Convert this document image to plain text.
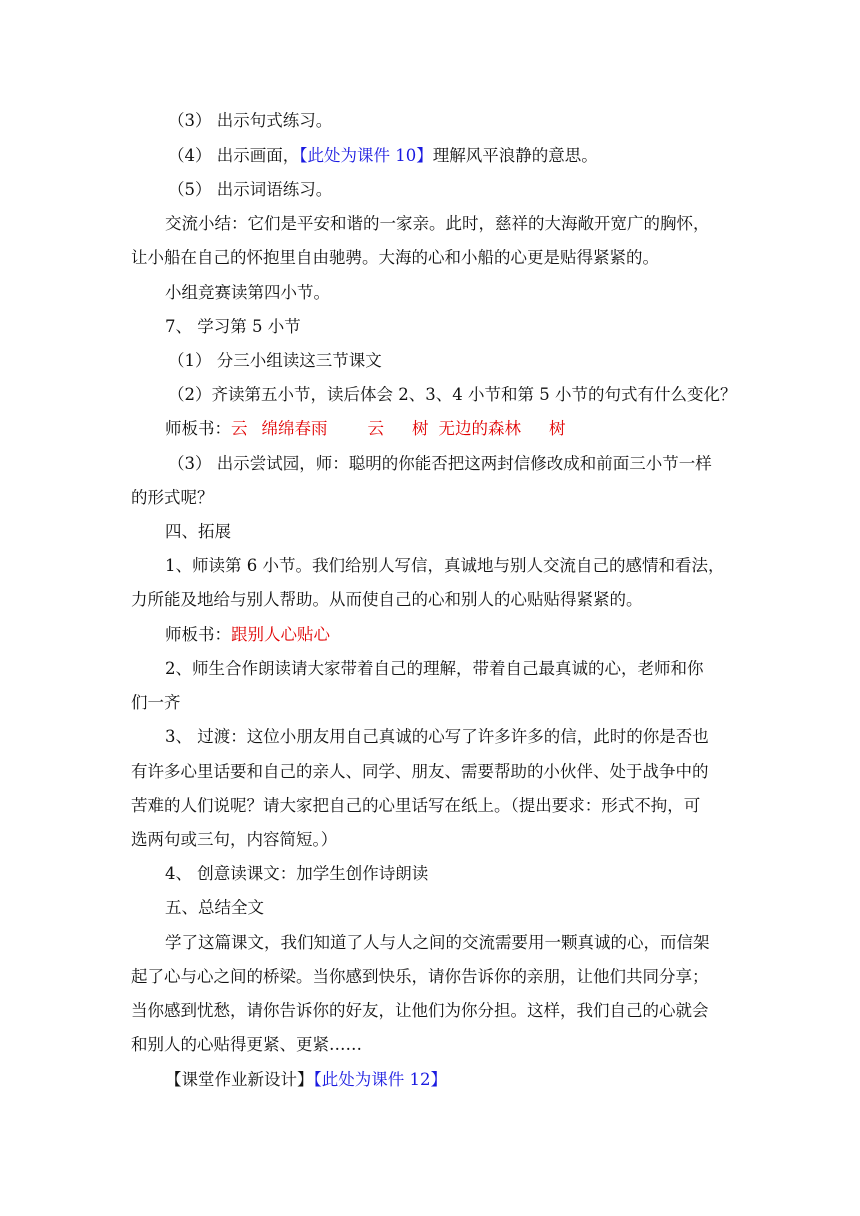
（3） 出示句式练习。
（4） 出示画面，【此处为课件 10】理解风平浪静的意思。
（5） 出示词语练习。
交流小结：它们是平安和谐的一家亲。此时，慈祥的大海敞开宽广的胸怀，
让小船在自己的怀抱里自由驰骋。大海的心和小船的心更是贴得紧紧的。
小组竞赛读第四小节。
7、 学习第 5 小节
（1） 分三小组读这三节课文
（2）齐读第五小节，读后体会 2、3、4 小节和第 5 小节的句式有什么变化？
师板书：云 绵绵春雨 云 树 无边的森林 树
（3） 出示尝试园，师：聪明的你能否把这两封信修改成和前面三小节一样
的形式呢？
四、拓展
1、师读第 6 小节。我们给别人写信，真诚地与别人交流自己的感情和看法，
力所能及地给与别人帮助。从而使自己的心和别人的心贴贴得紧紧的。
师板书：跟别人心贴心
2、师生合作朗读请大家带着自己的理解，带着自己最真诚的心，老师和你
们一齐
3、 过渡：这位小朋友用自己真诚的心写了许多许多的信，此时的你是否也
有许多心里话要和自己的亲人、同学、朋友、需要帮助的小伙伴、处于战争中的
苦难的人们说呢？请大家把自己的心里话写在纸上。（提出要求：形式不拘，可
选两句或三句，内容简短。）
4、 创意读课文：加学生创作诗朗读
五、总结全文
学了这篇课文，我们知道了人与人之间的交流需要用一颗真诚的心，而信架
起了心与心之间的桥梁。当你感到快乐，请你告诉你的亲朋，让他们共同分享；
当你感到忧愁，请你告诉你的好友，让他们为你分担。这样，我们自己的心就会
和别人的心贴得更紧、更紧……
【课堂作业新设计】【此处为课件 12】
